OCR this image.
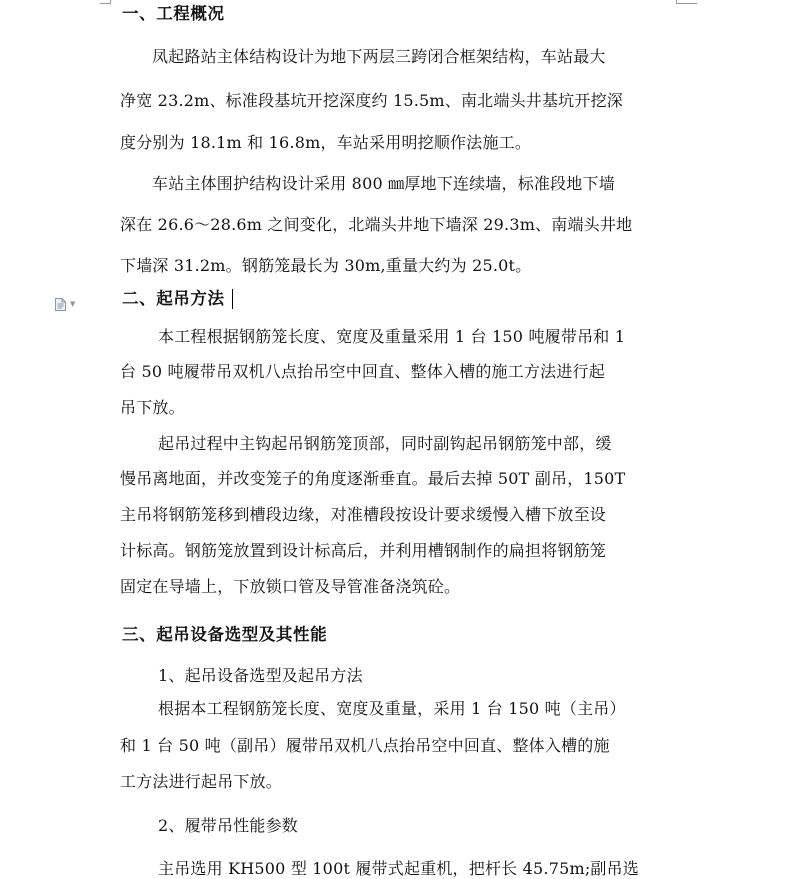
一、工程概况
凤起路站主体结构设计为地下两层三跨闭合框架结构，车站最大
净宽 23.2m、标准段基坑开挖深度约 15.5m、南北端头井基坑开挖深
度分别为 18.1m 和 16.8m，车站采用明挖顺作法施工。
车站主体围护结构设计采用 800 ㎜厚地下连续墙，标准段地下墙
深在 26.6～28.6m 之间变化，北端头井地下墙深 29.3m、南端头井地
下墙深 31.2m。钢筋笼最长为 30m,重量大约为 25.0t。
▼	二、起吊方法
本工程根据钢筋笼长度、宽度及重量采用 1 台 150 吨履带吊和 1
台 50 吨履带吊双机八点抬吊空中回直、整体入槽的施工方法进行起
吊下放。
起吊过程中主钩起吊钢筋笼顶部，同时副钩起吊钢筋笼中部，缓
慢吊离地面，并改变笼子的角度逐渐垂直。最后去掉 50T 副吊，150T
主吊将钢筋笼移到槽段边缘，对准槽段按设计要求缓慢入槽下放至设
计标高。钢筋笼放置到设计标高后，并利用槽钢制作的扁担将钢筋笼
固定在导墙上，下放锁口管及导管准备浇筑砼。
三、起吊设备选型及其性能
1、起吊设备选型及起吊方法
根据本工程钢筋笼长度、宽度及重量，采用 1 台 150 吨（主吊）
和 1 台 50 吨（副吊）履带吊双机八点抬吊空中回直、整体入槽的施
工方法进行起吊下放。
2、履带吊性能参数
主吊选用 KH500 型 100t 履带式起重机，把杆长 45.75m;副吊选
